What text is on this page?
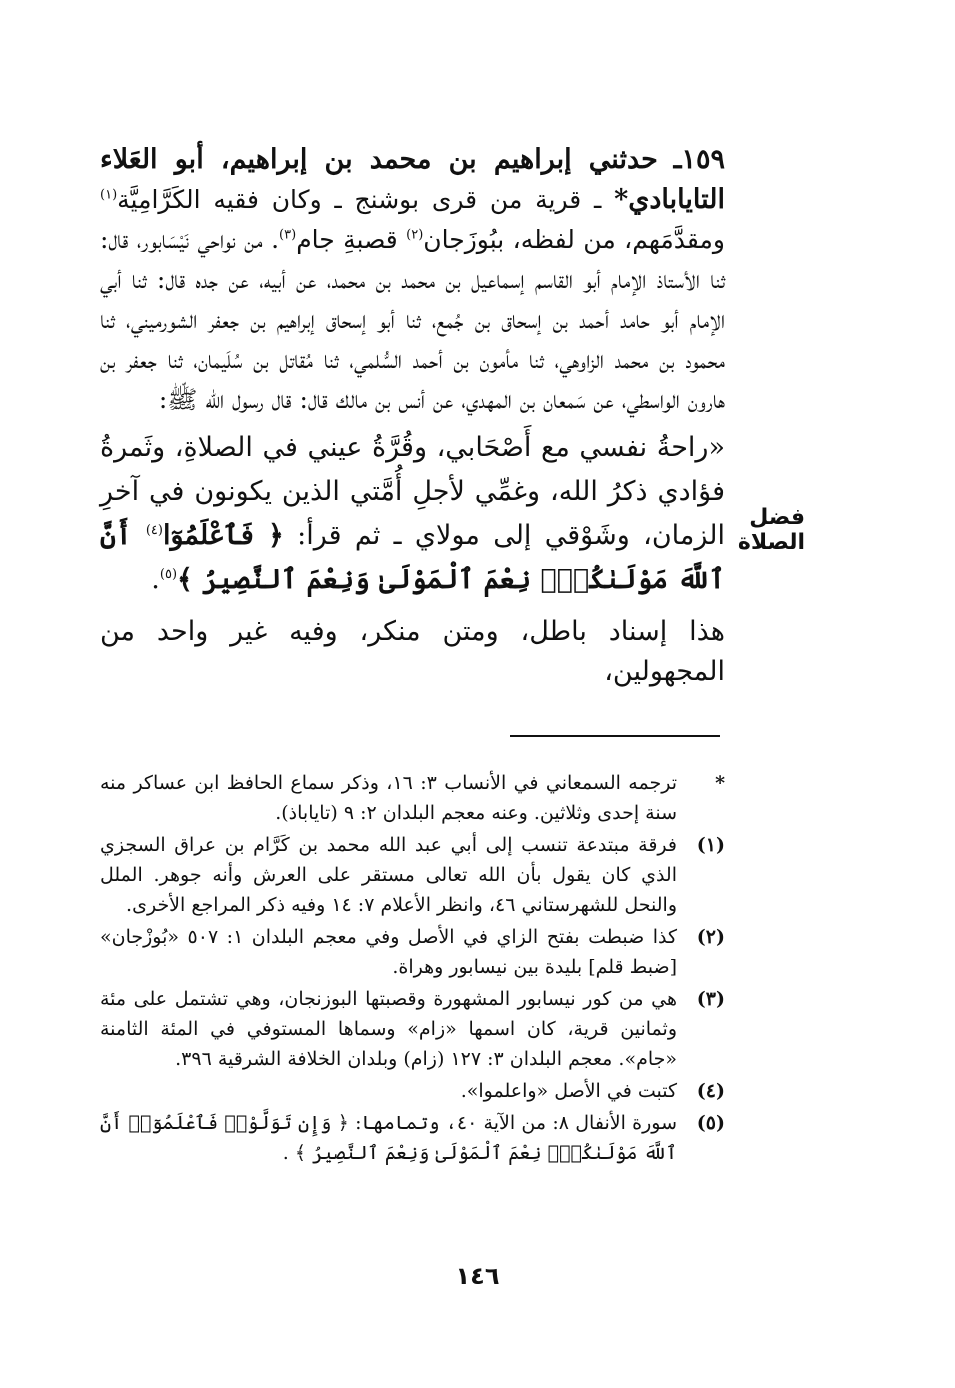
١٥٩ـ حدثني إبراهيم بن محمد بن إبراهيم، أبو العَلاء التايابادي* ـ قرية من قرى بوشنج ـ وكان فقيه الكَرَّامِيَّة$^{(١)}$ ومقدَّمَهم، من لفظه، ببُوزَجان$^{(٢)}$ قصبةِ جام$^{(٣)}$. من نواحي نَيْسَابور، قال: ثنا الأستاذ الإمام أبو القاسم إسماعيل بن محمد بن محمد، عن أبيه، عن جده قال: ثنا أبي الإمام أبو حامد أحمد بن إسحاق بن جُمع، ثنا أبو إسحاق إبراهيم بن جعفر الشورميني، ثنا محمود بن محمد الزاوهي، ثنا مأمون بن أحمد السُّلمي، ثنا مُقاتل بن سُلَيمان، ثنا جعفر بن هارون الواسطي، عن سَمعان بن المهدي، عن أنس بن مالك قال: قال رسول الله ﷺ:

«راحةُ نفسي مع أَصْحَابي، وقُرَّةُ عيني في الصلاةِ، وثَمرةُ فؤادي ذكرُ الله، وغمِّي لأجلِ أُمَّتي الذين يكونون في آخرِ الزمان، وشَوْقي إلى مولاي ـ ثم قرأ: ﴿ فَٱعْلَمُوٓا$^{(٤)}$ أَنَّ ٱللَّهَ مَوْلَىٰكُمْۚ نِعْمَ ٱلْمَوْلَىٰ وَنِعْمَ ٱلنَّصِيرُ ﴾$^{(٥)}$.

هذا إسناد باطل، ومتن منكر، وفيه غير واحد من المجهولين،

فضل الصلاة
*
ترجمه السمعاني في الأنساب ٣: ١٦، وذكر سماع الحافظ ابن عساكر منه سنة إحدى وثلاثين. وعنه معجم البلدان ٢: ٩ (تاياباذ).
(١)
فرقة مبتدعة تنسب إلى أبي عبد الله محمد بن كَرَّام بن عراق السجزي الذي كان يقول بأن الله تعالى مستقر على العرش وأنه جوهر. الملل والنحل للشهرستاني ٤٦، وانظر الأعلام ٧: ١٤ وفيه ذكر المراجع الأخرى.
(٢)
كذا ضبطت بفتح الزاي في الأصل وفي معجم البلدان ١: ٥٠٧ «بُوزْجان» [ضبط قلم] بليدة بين نيسابور وهراة.
(٣)
هي من كور نيسابور المشهورة وقصبتها البوزنجان، وهي تشتمل على مئة وثمانين قرية، كان اسمها «زام» وسماها المستوفي في المئة الثامنة «جام». معجم البلدان ٣: ١٢٧ (زام) وبلدان الخلافة الشرقية ٣٩٦.
(٤)
كتبت في الأصل «واعلموا».
(٥)
سورة الأنفال ٨: من الآية ٤٠، وتمامها: ﴿ وَإِن تَوَلَّوْا۟ فَٱعْلَمُوٓا۟ أَنَّ ٱللَّهَ مَوْلَىٰكُمْۚ نِعْمَ ٱلْمَوْلَىٰ وَنِعْمَ ٱلنَّصِيرُ ﴾ .
١٤٦
